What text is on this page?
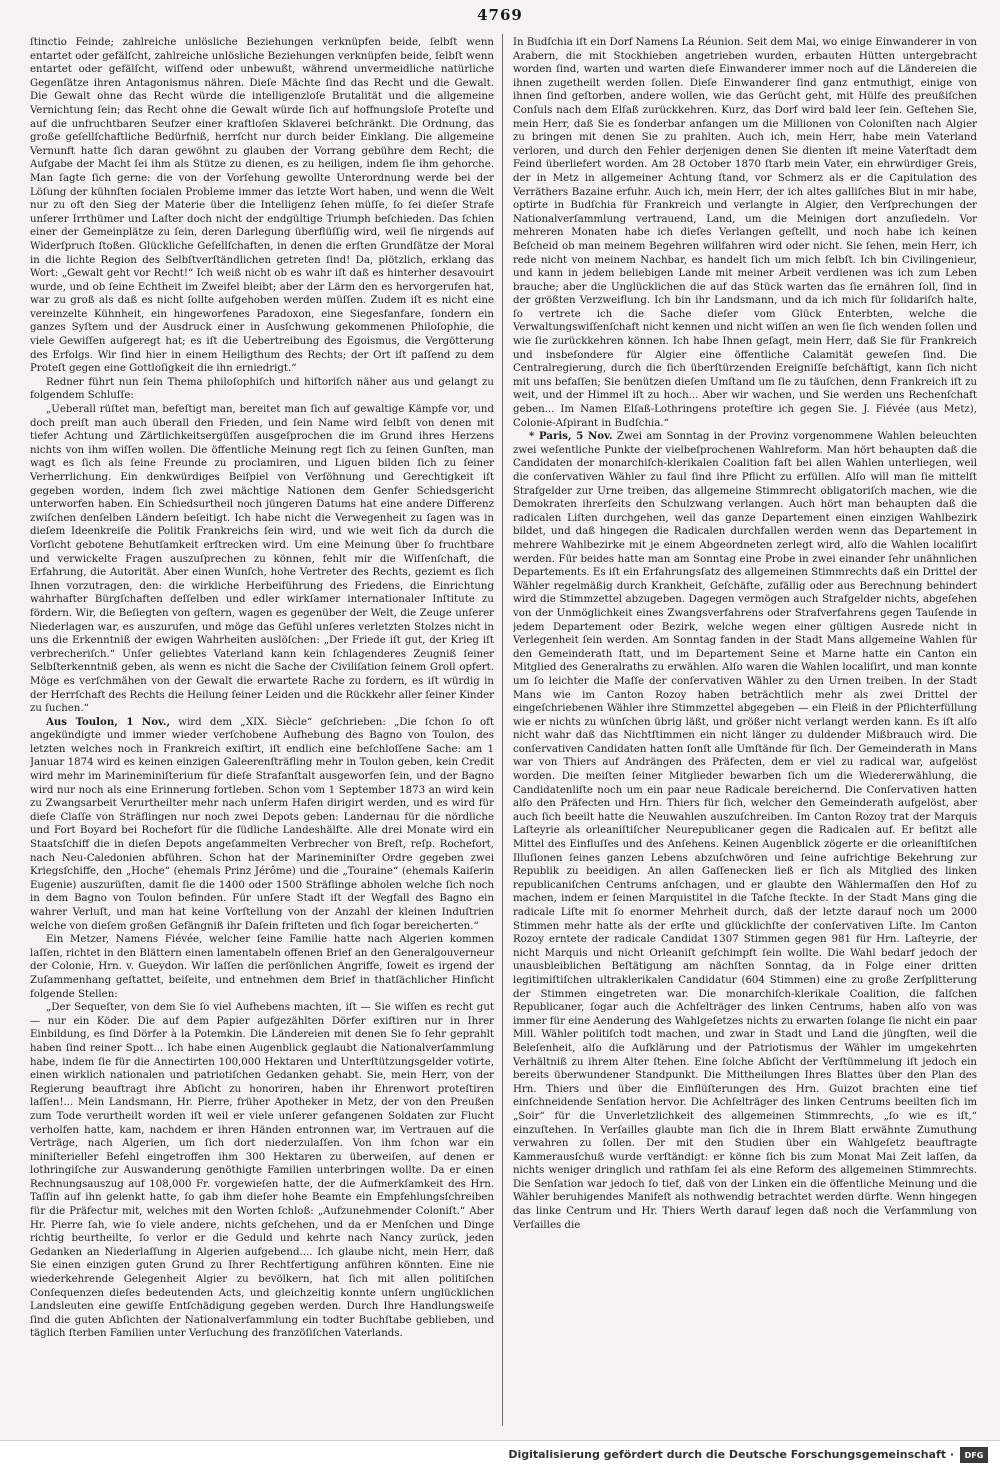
4769

ſtinctio Feinde; zahlreiche unlösliche Beziehungen verknüpfen beide, ſelbſt wenn entartet oder gefälſcht, zahlreiche unlösliche Beziehungen verknüpfen beide, ſelbſt wenn entartet oder gefälſcht, wiſſend oder unbewußt, während unvermeidliche natürliche Gegenſätze ihren Antagonismus nähren. Dieſe Mächte ſind das Recht und die Gewalt. Die Gewalt ohne das Recht würde die intelligenzloſe Brutalität und die allgemeine Vernichtung ſein; das Recht ohne die Gewalt würde ſich auf hoffnungsloſe Proteſte und auf die unfruchtbaren Seufzer einer kraftloſen Sklaverei beſchränkt. Die Ordnung, das große geſellſchaftliche Bedürfniß, herrſcht nur durch beider Einklang. Die allgemeine Vernunft hatte ſich daran gewöhnt zu glauben der Vorrang gebühre dem Recht; die Aufgabe der Macht ſei ihm als Stütze zu dienen, es zu heiligen, indem ſie ihm gehorche. Man ſagte ſich gerne: die von der Vorſehung gewollte Unterordnung werde bei der Löſung der kühnſten ſocialen Probleme immer das letzte Wort haben, und wenn die Welt nur zu oft den Sieg der Materie über die Intelligenz ſehen müſſe, ſo ſei dieſer Strafe unſerer Irrthümer und Laſter doch nicht der endgültige Triumph beſchieden. Das ſchien einer der Gemeinplätze zu ſein, deren Darlegung überflüſſig wird, weil ſie nirgends auf Widerſpruch ſtoßen. Glückliche Geſellſchaften, in denen die erſten Grundſätze der Moral in die lichte Region des Selbſtverſtändlichen getreten ſind! Da, plötzlich, erklang das Wort: „Gewalt geht vor Recht!“ Ich weiß nicht ob es wahr iſt daß es hinterher desavouirt wurde, und ob ſeine Echtheit im Zweifel bleibt; aber der Lärm den es hervorgerufen hat, war zu groß als daß es nicht ſollte aufgehoben werden müſſen. Zudem iſt es nicht eine vereinzelte Kühnheit, ein hingeworfenes Paradoxon, eine Siegesfanfare, ſondern ein ganzes Syſtem und der Ausdruck einer in Ausſchwung gekommenen Philoſophie, die viele Gewiſſen aufgeregt hat; es iſt die Uebertreibung des Egoismus, die Vergötterung des Erfolgs. Wir ſind hier in einem Heiligthum des Rechts; der Ort iſt paſſend zu dem Proteſt gegen eine Gottloſigkeit die ihn erniedrigt.“

Redner führt nun ſein Thema philoſophiſch und hiſtoriſch näher aus und gelangt zu folgendem Schluſſe:

„Ueberall rüſtet man, befeſtigt man, bereitet man ſich auf gewaltige Kämpfe vor, und doch preiſt man auch überall den Frieden, und ſein Name wird ſelbſt von denen mit tiefer Achtung und Zärtlichkeitsergüſſen ausgeſprochen die im Grund ihres Herzens nichts von ihm wiſſen wollen. Die öffentliche Meinung regt ſich zu ſeinen Gunſten, man wagt es ſich als ſeine Freunde zu proclamiren, und Liguen bilden ſich zu ſeiner Verherrlichung. Ein denkwürdiges Beiſpiel von Verſöhnung und Gerechtigkeit iſt gegeben worden, indem ſich zwei mächtige Nationen dem Genfer Schiedsgericht unterworfen haben. Ein Schiedsurtheil noch jüngeren Datums hat eine andere Differenz zwiſchen denſelben Ländern beſeitigt. Ich habe nicht die Verwegenheit zu ſagen was in dieſem Ideenkreiſe die Politik Frankreichs ſein wird, und wie weit ſich da durch die Vorſicht gebotene Behutſamkeit erſtrecken wird. Um eine Meinung über ſo fruchtbare und verwickelte Fragen auszuſprechen zu können, fehlt mir die Wiſſenſchaft, die Erfahrung, die Autorität. Aber einen Wunſch, hohe Vertreter des Rechts, geziemt es ſich Ihnen vorzutragen, den: die wirkliche Herbeiführung des Friedens, die Einrichtung wahrhafter Bürgſchaften deſſelben und edler wirkſamer internationaler Inſtitute zu fördern. Wir, die Beſiegten von geſtern, wagen es gegenüber der Welt, die Zeuge unſerer Niederlagen war, es auszurufen, und möge das Gefühl unſeres verletzten Stolzes nicht in uns die Erkenntniß der ewigen Wahrheiten auslöſchen: „Der Friede iſt gut, der Krieg iſt verbrecheriſch.“ Unſer geliebtes Vaterland kann kein ſchlagenderes Zeugniß ſeiner Selbſterkenntniß geben, als wenn es nicht die Sache der Civiliſation ſeinem Groll opfert. Möge es verſchmähen von der Gewalt die erwartete Rache zu fordern, es iſt würdig in der Herrſchaft des Rechts die Heilung ſeiner Leiden und die Rückkehr aller ſeiner Kinder zu ſuchen.“

Aus Toulon, 1 Nov., wird dem „XIX. Siècle“ geſchrieben: „Die ſchon ſo oft angekündigte und immer wieder verſchobene Aufhebung des Bagno von Toulon, des letzten welches noch in Frankreich exiſtirt, iſt endlich eine beſchloſſene Sache: am 1 Januar 1874 wird es keinen einzigen Galeerenſträfling mehr in Toulon geben, kein Credit wird mehr im Marineminiſterium für dieſe Strafanſtalt ausgeworfen ſein, und der Bagno wird nur noch als eine Erinnerung fortleben. Schon vom 1 September 1873 an wird kein zu Zwangsarbeit Verurtheilter mehr nach unſerm Hafen dirigirt werden, und es wird für dieſe Claſſe von Sträflingen nur noch zwei Depots geben: Landernau für die nördliche und Fort Boyard bei Rochefort für die ſüdliche Landeshälfte. Alle drei Monate wird ein Staatsſchiff die in dieſen Depots angeſammelten Verbrecher von Breſt, reſp. Rochefort, nach Neu-Caledonien abführen. Schon hat der Marineminiſter Ordre gegeben zwei Kriegsſchiffe, den „Hoche“ (ehemals Prinz Jérôme) und die „Touraine“ (ehemals Kaiſerin Eugenie) auszurüſten, damit ſie die 1400 oder 1500 Sträflinge abholen welche ſich noch in dem Bagno von Toulon befinden. Für unſere Stadt iſt der Wegfall des Bagno ein wahrer Verluſt, und man hat keine Vorſtellung von der Anzahl der kleinen Induſtrien welche von dieſem großen Gefängniß ihr Daſein friſteten und ſich ſogar bereicherten.“

Ein Metzer, Namens Fiévée, welcher ſeine Familie hatte nach Algerien kommen laſſen, richtet in den Blättern einen lamentabeln offenen Brief an den Generalgouverneur der Colonie, Hrn. v. Gueydon. Wir laſſen die perſönlichen Angriffe, ſoweit es irgend der Zuſammenhang geſtattet, beiſeite, und entnehmen dem Brief in thatſächlicher Hinſicht folgende Stellen:

„Der Sequeſter, von dem Sie ſo viel Aufhebens machten, iſt — Sie wiſſen es recht gut — nur ein Köder. Die auf dem Papier aufgezählten Dörfer exiſtiren nur in Ihrer Einbildung, es ſind Dörfer à la Potemkin. Die Ländereien mit denen Sie ſo ſehr geprahlt haben ſind reiner Spott... Ich habe einen Augenblick geglaubt die Nationalverſammlung habe, indem ſie für die Annectirten 100,000 Hektaren und Unterſtützungsgelder votirte, einen wirklich nationalen und patriotiſchen Gedanken gehabt. Sie, mein Herr, von der Regierung beauftragt ihre Abſicht zu honoriren, haben ihr Ehrenwort proteſtiren laſſen!... Mein Landsmann, Hr. Pierre, früher Apotheker in Metz, der von den Preußen zum Tode verurtheilt worden iſt weil er viele unſerer gefangenen Soldaten zur Flucht verholfen hatte, kam, nachdem er ihren Händen entronnen war, im Vertrauen auf die Verträge, nach Algerien, um ſich dort niederzulaſſen. Von ihm ſchon war ein miniſterieller Befehl eingetroffen ihm 300 Hektaren zu überweiſen, auf denen er lothringiſche zur Auswanderung genöthigte Familien unterbringen wollte. Da er einen Rechnungsauszug auf 108,000 Fr. vorgewieſen hatte, der die Aufmerkſamkeit des Hrn. Taſſin auf ihn gelenkt hatte, ſo gab ihm dieſer hohe Beamte ein Empfehlungsſchreiben für die Präfectur mit, welches mit den Worten ſchloß: „Aufzunehmender Coloniſt.“ Aber Hr. Pierre ſah, wie ſo viele andere, nichts geſchehen, und da er Menſchen und Dinge richtig beurtheilte, ſo verlor er die Geduld und kehrte nach Nancy zurück, jeden Gedanken an Niederlaſſung in Algerien aufgebend.... Ich glaube nicht, mein Herr, daß Sie einen einzigen guten Grund zu Ihrer Rechtfertigung anführen könnten. Eine nie wiederkehrende Gelegenheit Algier zu bevölkern, hat ſich mit allen politiſchen Conſequenzen dieſes bedeutenden Acts, und gleichzeitig konnte unſern unglücklichen Landsleuten eine gewiſſe Entſchädigung gegeben werden. Durch Ihre Handlungsweiſe ſind die guten Abſichten der Nationalverſammlung ein todter Buchſtabe geblieben, und täglich ſterben Familien unter Verſuchung des franzöſiſchen Vaterlands.

In Budſchia iſt ein Dorf Namens La Réunion. Seit dem Mai, wo einige Einwanderer in von Arabern, die mit Stockhieben angetrieben wurden, erbauten Hütten untergebracht worden ſind, warten und warten dieſe Einwanderer immer noch auf die Ländereien die ihnen zugetheilt werden ſollen. Dieſe Einwanderer ſind ganz entmuthigt, einige von ihnen ſind geſtorben, andere wollen, wie das Gerücht geht, mit Hülfe des preußiſchen Conſuls nach dem Elſaß zurückkehren. Kurz, das Dorf wird bald leer ſein. Geſtehen Sie, mein Herr, daß Sie es ſonderbar anfangen um die Millionen von Coloniſten nach Algier zu bringen mit denen Sie zu prahlten. Auch ich, mein Herr, habe mein Vaterland verloren, und durch den Fehler derjenigen denen Sie dienten iſt meine Vaterſtadt dem Feind überliefert worden. Am 28 October 1870 ſtarb mein Vater, ein ehrwürdiger Greis, der in Metz in allgemeiner Achtung ſtand, vor Schmerz als er die Capitulation des Verräthers Bazaine erfuhr. Auch ich, mein Herr, der ich altes galliſches Blut in mir habe, optirte in Budſchia für Frankreich und verlangte in Algier, den Verſprechungen der Nationalverſammlung vertrauend, Land, um die Meinigen dort anzuſiedeln. Vor mehreren Monaten habe ich dieſes Verlangen geſtellt, und noch habe ich keinen Beſcheid ob man meinem Begehren willfahren wird oder nicht. Sie ſehen, mein Herr, ich rede nicht von meinem Nachbar, es handelt ſich um mich ſelbſt. Ich bin Civilingenieur, und kann in jedem beliebigen Lande mit meiner Arbeit verdienen was ich zum Leben brauche; aber die Unglücklichen die auf das Stück warten das ſie ernähren ſoll, ſind in der größten Verzweiflung. Ich bin ihr Landsmann, und da ich mich für ſolidariſch halte, ſo vertrete ich die Sache dieſer vom Glück Enterbten, welche die Verwaltungswiſſenſchaft nicht kennen und nicht wiſſen an wen ſie ſich wenden ſollen und wie ſie zurückkehren können. Ich habe Ihnen geſagt, mein Herr, daß Sie für Frankreich und insbeſondere für Algier eine öffentliche Calamität geweſen ſind. Die Centralregierung, durch die ſich überſtürzenden Ereigniſſe beſchäftigt, kann ſich nicht mit uns befaſſen; Sie benützen dieſen Umſtand um ſie zu täuſchen, denn Frankreich iſt zu weit, und der Himmel iſt zu hoch... Aber wir wachen, und Sie werden uns Rechenſchaft geben... Im Namen Elſaß-Lothringens proteſtire ich gegen Sie. J. Fiévée (aus Metz), Colonie-Aſpirant in Budſchia.“

* Paris, 5 Nov. Zwei am Sonntag in der Provinz vorgenommene Wahlen beleuchten zwei weſentliche Punkte der vielbeſprochenen Wahlreform. Man hört behaupten daß die Candidaten der monarchiſch-klerikalen Coalition faſt bei allen Wahlen unterliegen, weil die conſervativen Wähler zu faul ſind ihre Pflicht zu erfüllen. Alſo will man ſie mittelſt Strafgelder zur Urne treiben, das allgemeine Stimmrecht obligatoriſch machen, wie die Demokraten ihrerſeits den Schulzwang verlangen. Auch hört man behaupten daß die radicalen Liſten durchgehen, weil das ganze Departement einen einzigen Wahlbezirk bildet, und daß hingegen die Radicalen durchfallen werden wenn das Departement in mehrere Wahlbezirke mit je einem Abgeordneten zerlegt wird, alſo die Wahlen localiſirt werden. Für beides hatte man am Sonntag eine Probe in zwei einander ſehr unähnlichen Departements. Es iſt ein Erfahrungsſatz des allgemeinen Stimmrechts daß ein Drittel der Wähler regelmäßig durch Krankheit, Geſchäfte, zufällig oder aus Berechnung behindert wird die Stimmzettel abzugeben. Dagegen vermögen auch Strafgelder nichts, abgeſehen von der Unmöglichkeit eines Zwangsverfahrens oder Strafverfahrens gegen Tauſende in jedem Departement oder Bezirk, welche wegen einer gültigen Ausrede nicht in Verlegenheit ſein werden. Am Sonntag fanden in der Stadt Mans allgemeine Wahlen für den Gemeinderath ſtatt, und im Departement Seine et Marne hatte ein Canton ein Mitglied des Generalraths zu erwählen. Alſo waren die Wahlen localiſirt, und man konnte um ſo leichter die Maſſe der conſervativen Wähler zu den Urnen treiben. In der Stadt Mans wie im Canton Rozoy haben beträchtlich mehr als zwei Drittel der eingeſchriebenen Wähler ihre Stimmzettel abgegeben — ein Fleiß in der Pflichterfüllung wie er nichts zu wünſchen übrig läßt, und größer nicht verlangt werden kann. Es iſt alſo nicht wahr daß das Nichtſtimmen ein nicht länger zu duldender Mißbrauch wird. Die conſervativen Candidaten hatten ſonſt alle Umſtände für ſich. Der Gemeinderath in Mans war von Thiers auf Andrängen des Präfecten, dem er viel zu radical war, aufgelöst worden. Die meiſten ſeiner Mitglieder bewarben ſich um die Wiedererwählung, die Candidatenliſte noch um ein paar neue Radicale bereichernd. Die Conſervativen hatten alſo den Präfecten und Hrn. Thiers für ſich, welcher den Gemeinderath aufgelöst, aber auch ſich beeilt hatte die Neuwahlen auszuſchreiben. Im Canton Rozoy trat der Marquis Laſteyrie als orleaniſtiſcher Neurepublicaner gegen die Radicalen auf. Er beſitzt alle Mittel des Einfluſſes und des Anſehens. Keinen Augenblick zögerte er die orleaniſtiſchen Illuſionen ſeines ganzen Lebens abzuſchwören und ſeine aufrichtige Bekehrung zur Republik zu beeidigen. An allen Gaſſenecken ließ er ſich als Mitglied des linken republicaniſchen Centrums anſchagen, und er glaubte den Wählermaſſen den Hof zu machen, indem er ſeinen Marquistitel in die Taſche ſteckte. In der Stadt Mans ging die radicale Liſte mit ſo enormer Mehrheit durch, daß der letzte darauf noch um 2000 Stimmen mehr hatte als der erſte und glücklichſte der conſervativen Liſte. Im Canton Rozoy erntete der radicale Candidat 1307 Stimmen gegen 981 für Hrn. Laſteyrie, der nicht Marquis und nicht Orleaniſt geſchimpft ſein wollte. Die Wahl bedarf jedoch der unausbleiblichen Beſtätigung am nächſten Sonntag, da in Folge einer dritten legitimiſtiſchen ultraklerikalen Candidatur (604 Stimmen) eine zu große Zerſplitterung der Stimmen eingetreten war. Die monarchiſch-klerikale Coalition, die falſchen Republicaner, ſogar auch die Achſelträger des linken Centrums, haben alſo von was immer für eine Aenderung des Wahlgeſetzes nichts zu erwarten ſolange ſie nicht ein paar Mill. Wähler politiſch todt machen, und zwar in Stadt und Land die jüngſten, weil die Beleſenheit, alſo die Aufklärung und der Patriotismus der Wähler im umgekehrten Verhältniß zu ihrem Alter ſtehen. Eine ſolche Abſicht der Verſtümmelung iſt jedoch ein bereits überwundener Standpunkt. Die Mittheilungen Ihres Blattes über den Plan des Hrn. Thiers und über die Einflüſterungen des Hrn. Guizot brachten eine tief einſchneidende Senſation hervor. Die Achſelträger des linken Centrums beeilten ſich im „Soir“ für die Unverletzlichkeit des allgemeinen Stimmrechts, „ſo wie es iſt,“ einzuſtehen. In Verſailles glaubte man ſich die in Ihrem Blatt erwähnte Zumuthung verwahren zu ſollen. Der mit den Studien über ein Wahlgeſetz beauftragte Kammerausſchuß wurde verſtändigt: er könne ſich bis zum Monat Mai Zeit laſſen, da nichts weniger dringlich und rathſam ſei als eine Reform des allgemeinen Stimmrechts. Die Senſation war jedoch ſo tief, daß von der Linken ein die öffentliche Meinung und die Wähler beruhigendes Manifeſt als nothwendig betrachtet werden dürfte. Wenn hingegen das linke Centrum und Hr. Thiers Werth darauf legen daß noch die Verſammlung von Verſailles die

Digitalisierung gefördert durch die Deutsche Forschungsgemeinschaft ·	DFG
